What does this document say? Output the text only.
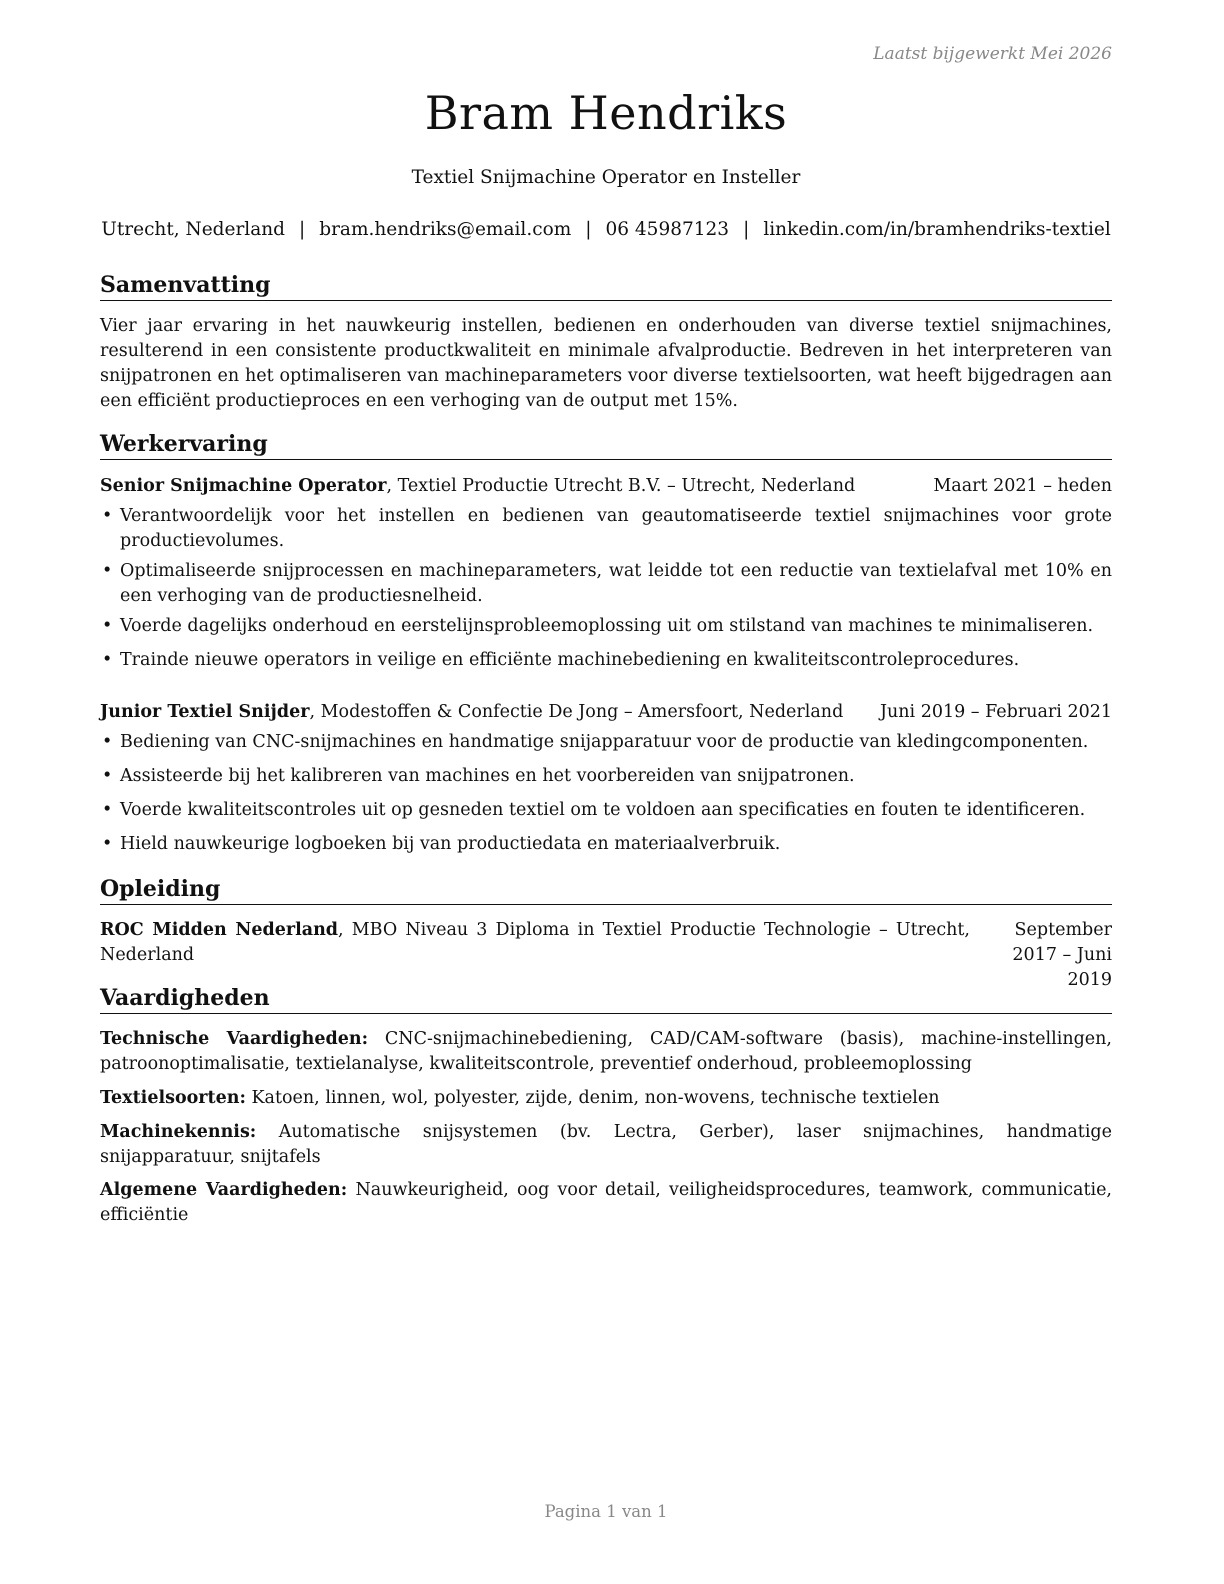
Laatst bijgewerkt Mei 2026
Bram Hendriks
Textiel Snijmachine Operator en Insteller
Utrecht, Nederland | bram.hendriks@email.com | 06 45987123 | linkedin.com/in/bramhendriks-textiel
Samenvatting
Vier jaar ervaring in het nauwkeurig instellen, bedienen en onderhouden van diverse textiel snijmachines, resulterend in een consistente productkwaliteit en minimale afvalproductie. Bedreven in het interpreteren van snijpatronen en het optimaliseren van machineparameters voor diverse textielsoorten, wat heeft bijgedragen aan een efficiënt productieproces en een verhoging van de output met 15%.
Werkervaring
Senior Snijmachine Operator, Textiel Productie Utrecht B.V. – Utrecht, Nederland	Maart 2021 – heden
• Verantwoordelijk voor het instellen en bedienen van geautomatiseerde textiel snijmachines voor grote productievolumes.
• Optimaliseerde snijprocessen en machineparameters, wat leidde tot een reductie van textielafval met 10% en een verhoging van de productiesnelheid.
• Voerde dagelijks onderhoud en eerstelijnsprobleemoplossing uit om stilstand van machines te minimaliseren.
• Trainde nieuwe operators in veilige en efficiënte machinebediening en kwaliteitscontroleprocedures.
Junior Textiel Snijder, Modestoffen & Confectie De Jong – Amersfoort, Nederland Juni 2019 – Februari 2021
• Bediening van CNC-snijmachines en handmatige snijapparatuur voor de productie van kledingcomponenten.
• Assisteerde bij het kalibreren van machines en het voorbereiden van snijpatronen.
• Voerde kwaliteitscontroles uit op gesneden textiel om te voldoen aan specificaties en fouten te identificeren.
• Hield nauwkeurige logboeken bij van productiedata en materiaalverbruik.
Opleiding
ROC Midden Nederland, MBO Niveau 3 Diploma in Textiel Productie Technologie – Utrecht, Nederland
September 2017 – Juni 2019
Vaardigheden
Technische Vaardigheden: CNC-snijmachinebediening, CAD/CAM-software (basis), machine-instellingen, patroonoptimalisatie, textielanalyse, kwaliteitscontrole, preventief onderhoud, probleemoplossing
Textielsoorten: Katoen, linnen, wol, polyester, zijde, denim, non-wovens, technische textielen
Machinekennis: Automatische snijsystemen (bv. Lectra, Gerber), laser snijmachines, handmatige snijapparatuur, snijtafels
Algemene Vaardigheden: Nauwkeurigheid, oog voor detail, veiligheidsprocedures, teamwork, communicatie, efficiëntie
Pagina 1 van 1
